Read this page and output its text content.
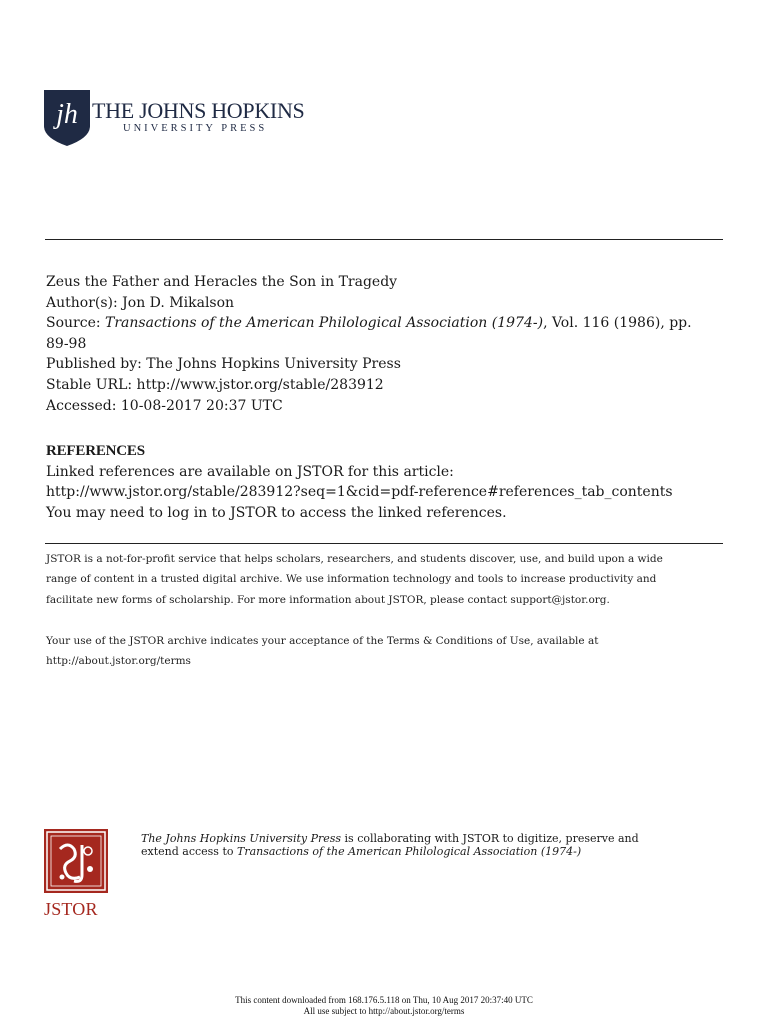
jh THE JOHNS HOPKINS
UNIVERSITY PRESS
Zeus the Father and Heracles the Son in Tragedy
Author(s): Jon D. Mikalson
Source: Transactions of the American Philological Association (1974-), Vol. 116 (1986), pp.
89-98
Published by: The Johns Hopkins University Press
Stable URL: http://www.jstor.org/stable/283912
Accessed: 10-08-2017 20:37 UTC
REFERENCES
Linked references are available on JSTOR for this article:
http://www.jstor.org/stable/283912?seq=1&cid=pdf-reference#references_tab_contents
You may need to log in to JSTOR to access the linked references.
JSTOR is a not-for-profit service that helps scholars, researchers, and students discover, use, and build upon a wide
range of content in a trusted digital archive. We use information technology and tools to increase productivity and
facilitate new forms of scholarship. For more information about JSTOR, please contact support@jstor.org.
Your use of the JSTOR archive indicates your acceptance of the Terms & Conditions of Use, available at
http://about.jstor.org/terms
JSTOR
The Johns Hopkins University Press is collaborating with JSTOR to digitize, preserve and
extend access to Transactions of the American Philological Association (1974-)
This content downloaded from 168.176.5.118 on Thu, 10 Aug 2017 20:37:40 UTC
All use subject to http://about.jstor.org/terms
